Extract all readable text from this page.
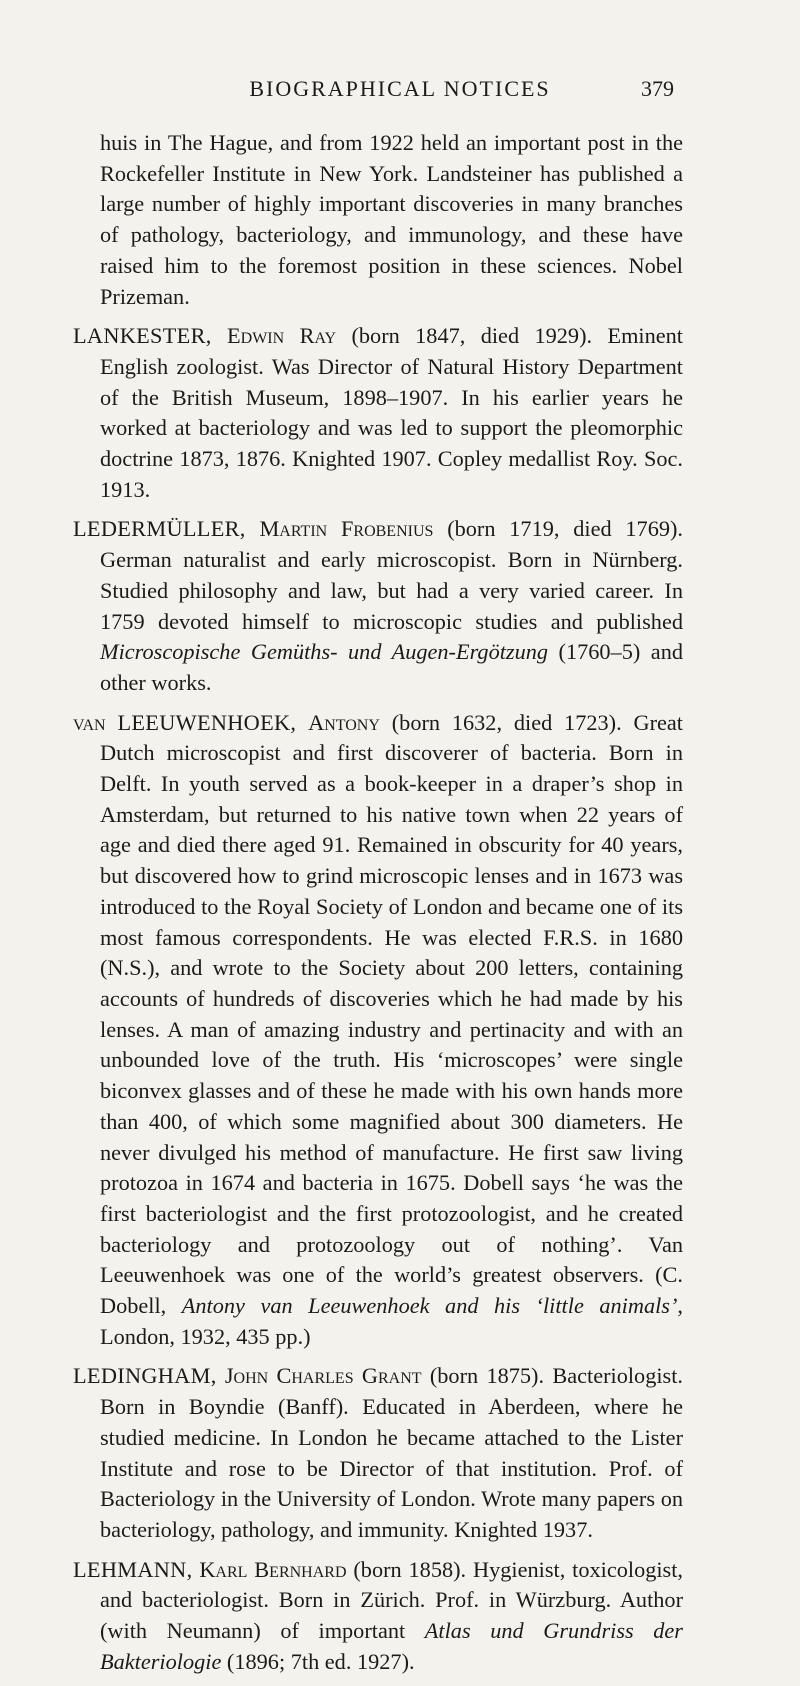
BIOGRAPHICAL NOTICES	379

huis in The Hague, and from 1922 held an important post in the Rockefeller Institute in New York. Landsteiner has published a large number of highly important discoveries in many branches of pathology, bacteriology, and immunology, and these have raised him to the foremost position in these sciences. Nobel Prizeman.

LANKESTER, Edwin Ray (born 1847, died 1929). Eminent English zoologist. Was Director of Natural History Department of the British Museum, 1898–1907. In his earlier years he worked at bacteriology and was led to support the pleomorphic doctrine 1873, 1876. Knighted 1907. Copley medallist Roy. Soc. 1913.

LEDERMÜLLER, Martin Frobenius (born 1719, died 1769). German naturalist and early microscopist. Born in Nürnberg. Studied philosophy and law, but had a very varied career. In 1759 devoted himself to microscopic studies and published Microscopische Gemüths- und Augen-Ergötzung (1760–5) and other works.

van LEEUWENHOEK, Antony (born 1632, died 1723). Great Dutch microscopist and first discoverer of bacteria. Born in Delft. In youth served as a book-keeper in a draper’s shop in Amsterdam, but returned to his native town when 22 years of age and died there aged 91. Remained in obscurity for 40 years, but discovered how to grind microscopic lenses and in 1673 was introduced to the Royal Society of London and became one of its most famous correspondents. He was elected F.R.S. in 1680 (N.S.), and wrote to the Society about 200 letters, containing accounts of hundreds of discoveries which he had made by his lenses. A man of amazing industry and pertinacity and with an unbounded love of the truth. His ‘microscopes’ were single biconvex glasses and of these he made with his own hands more than 400, of which some magnified about 300 diameters. He never divulged his method of manufacture. He first saw living protozoa in 1674 and bacteria in 1675. Dobell says ‘he was the first bacteriologist and the first protozoologist, and he created bacteriology and protozoology out of nothing’. Van Leeuwenhoek was one of the world’s greatest observers. (C. Dobell, Antony van Leeuwenhoek and his ‘little animals’, London, 1932, 435 pp.)

LEDINGHAM, John Charles Grant (born 1875). Bacteriologist. Born in Boyndie (Banff). Educated in Aberdeen, where he studied medicine. In London he became attached to the Lister Institute and rose to be Director of that institution. Prof. of Bacteriology in the University of London. Wrote many papers on bacteriology, pathology, and immunity. Knighted 1937.

LEHMANN, Karl Bernhard (born 1858). Hygienist, toxicologist, and bacteriologist. Born in Zürich. Prof. in Würzburg. Author (with Neumann) of important Atlas und Grundriss der Bakteriologie (1896; 7th ed. 1927).
